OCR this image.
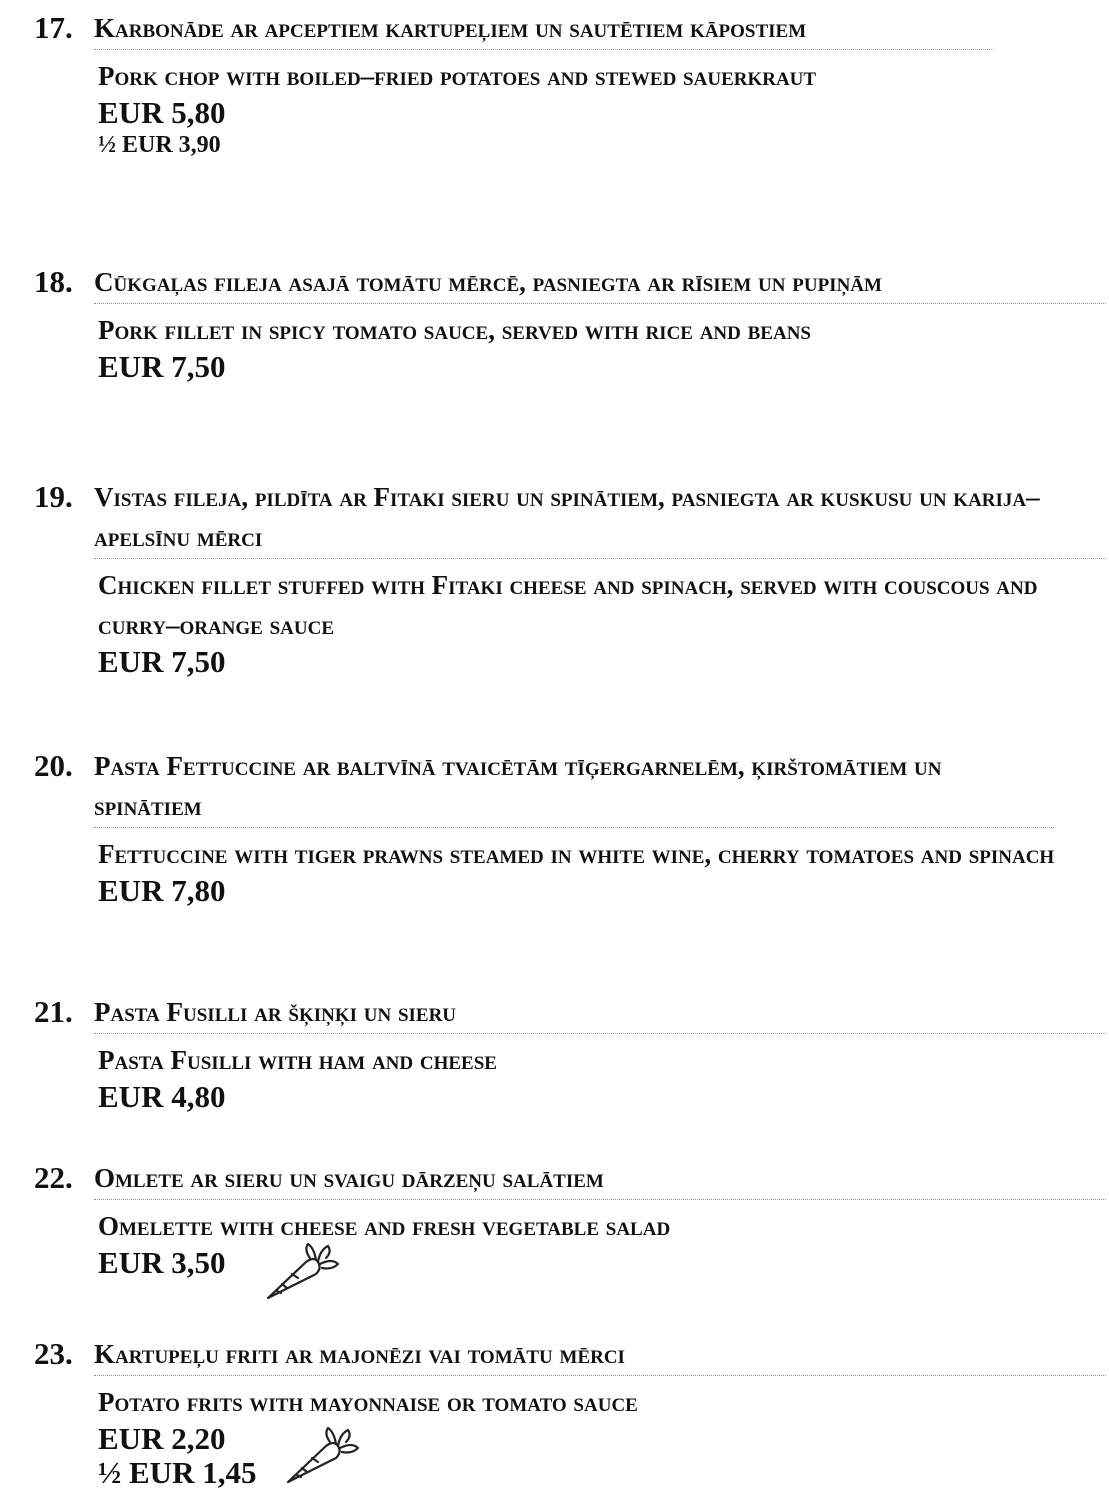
17. Karbonāde ar apceptiem kartupeļiem un sautētiem kāpostiem
Pork chop with boiled–fried potatoes and stewed sauerkraut
EUR 5,80
½ EUR 3,90
18. Cūkgaļas fileja asajā tomātu mērcē, pasniegta ar rīsiem un pupiņām
Pork fillet in spicy tomato sauce, served with rice and beans
EUR 7,50
19. Vistas fileja, pildīta ar Fitaki sieru un spinātiem, pasniegta ar kuskusu un karija–apelsīnu mērci
Chicken fillet stuffed with Fitaki cheese and spinach, served with couscous and curry–orange sauce
EUR 7,50
20. Pasta Fettuccine ar baltvīnā tvaicētām tīģergarnelēm, ķirštomātiem un spinātiem
Fettuccine with tiger prawns steamed in white wine, cherry tomatoes and spinach
EUR 7,80
21. Pasta Fusilli ar šķiņķi un sieru
Pasta Fusilli with ham and cheese
EUR 4,80
22. Omlete ar sieru un svaigu dārzeņu salātiem
Omelette with cheese and fresh vegetable salad
EUR 3,50
23. Kartupeļu friti ar majonēzi vai tomātu mērci
Potato frits with mayonnaise or tomato sauce
EUR 2,20
½ EUR 1,45
